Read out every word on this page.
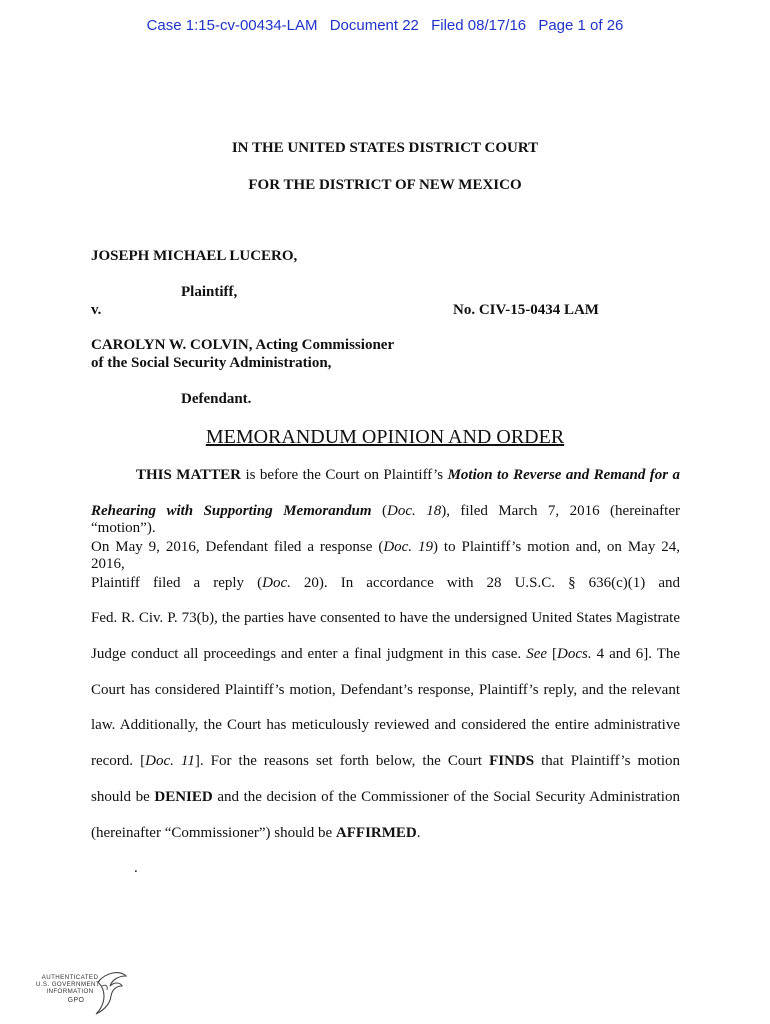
Case 1:15-cv-00434-LAM Document 22 Filed 08/17/16 Page 1 of 26
IN THE UNITED STATES DISTRICT COURT
FOR THE DISTRICT OF NEW MEXICO
JOSEPH MICHAEL LUCERO,
Plaintiff,
v.	No. CIV-15-0434 LAM
CAROLYN W. COLVIN, Acting Commissioner
of the Social Security Administration,
Defendant.
MEMORANDUM OPINION AND ORDER
THIS MATTER is before the Court on Plaintiff’s Motion to Reverse and Remand for a
Rehearing with Supporting Memorandum (Doc. 18), filed March 7, 2016 (hereinafter “motion”).
On May 9, 2016, Defendant filed a response (Doc. 19) to Plaintiff’s motion and, on May 24, 2016,
Plaintiff filed a reply (Doc. 20). In accordance with 28 U.S.C. § 636(c)(1) and
Fed. R. Civ. P. 73(b), the parties have consented to have the undersigned United States Magistrate
Judge conduct all proceedings and enter a final judgment in this case. See [Docs. 4 and 6]. The
Court has considered Plaintiff’s motion, Defendant’s response, Plaintiff’s reply, and the relevant
law. Additionally, the Court has meticulously reviewed and considered the entire administrative
record. [Doc. 11]. For the reasons set forth below, the Court FINDS that Plaintiff’s motion
should be DENIED and the decision of the Commissioner of the Social Security Administration
(hereinafter “Commissioner”) should be AFFIRMED.
.
AUTHENTICATED
U.S. GOVERNMENT
INFORMATION
GPO
